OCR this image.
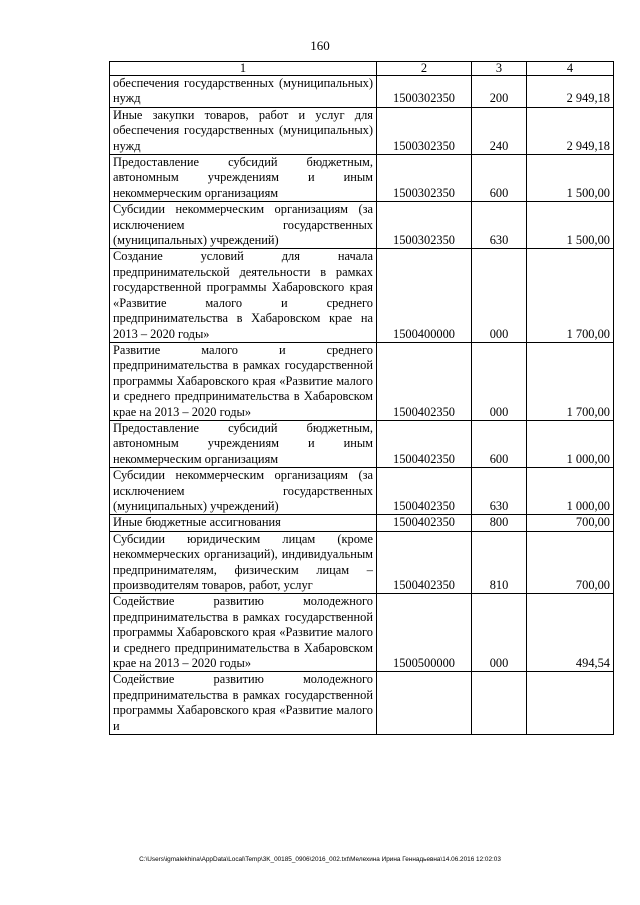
160
1	2	3	4
обеспечения государственных (муниципальных) нужд	1500302350	200	2 949,18
Иные закупки товаров, работ и услуг для обеспечения государственных (муниципальных) нужд	1500302350	240	2 949,18
Предоставление субсидий бюджетным, автономным учреждениям и иным некоммерческим организациям	1500302350	600	1 500,00
Субсидии некоммерческим организациям (за исключением государственных (муниципальных) учреждений)	1500302350	630	1 500,00
Создание условий для начала предпринимательской деятельности в рамках государственной программы Хабаровского края «Развитие малого и среднего предпринимательства в Хабаровском крае на 2013 – 2020 годы»	1500400000	000	1 700,00
Развитие малого и среднего предпринимательства в рамках государственной программы Хабаровского края «Развитие малого и среднего предпринимательства в Хабаровском крае на 2013 – 2020 годы»	1500402350	000	1 700,00
Предоставление субсидий бюджетным, автономным учреждениям и иным некоммерческим организациям	1500402350	600	1 000,00
Субсидии некоммерческим организациям (за исключением государственных (муниципальных) учреждений)	1500402350	630	1 000,00
Иные бюджетные ассигнования	1500402350	800	700,00
Субсидии юридическим лицам (кроме некоммерческих организаций), индивидуальным предпринимателям, физическим лицам – производителям товаров, работ, услуг	1500402350	810	700,00
Содействие развитию молодежного предпринимательства в рамках государственной программы Хабаровского края «Развитие малого и среднего предпринимательства в Хабаровском крае на 2013 – 2020 годы»	1500500000	000	494,54
Содействие развитию молодежного предпринимательства в рамках государственной программы Хабаровского края «Развитие малого и			
C:\Users\igmalekhina\AppData\Local\Temp\3K_00185_0906\2016_002.txt\Мелехина Ирина Геннадьевна\14.06.2016 12:02:03
